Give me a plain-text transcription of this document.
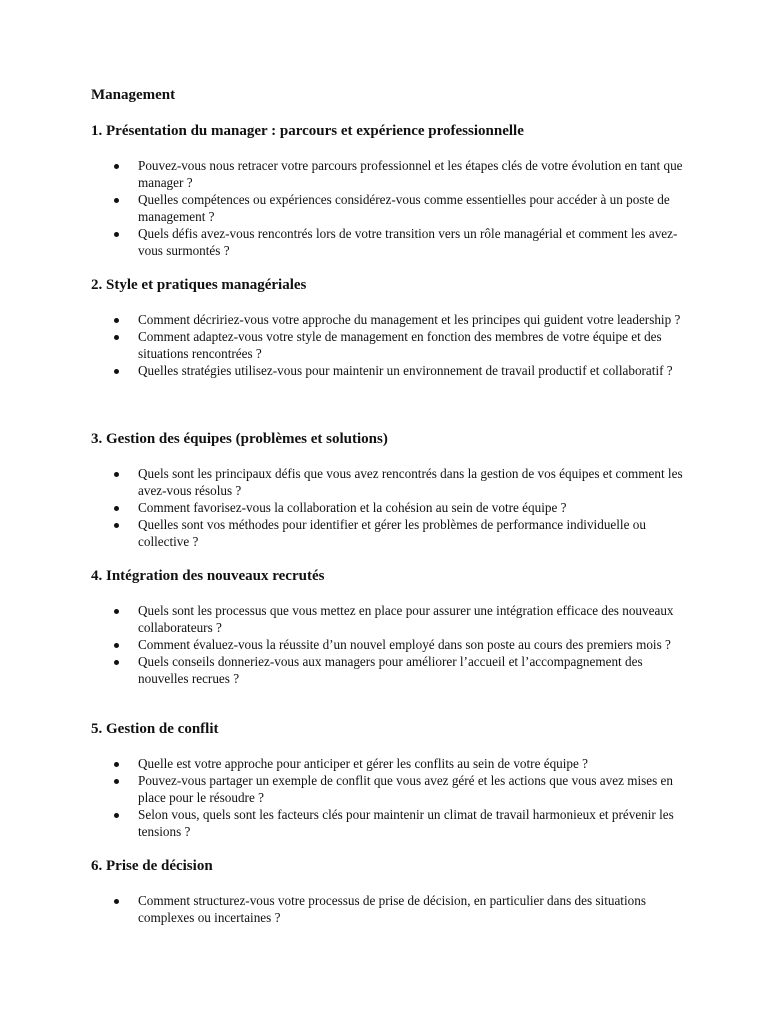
Management
1. Présentation du manager : parcours et expérience professionnelle
Pouvez-vous nous retracer votre parcours professionnel et les étapes clés de votre évolution en tant que manager ?
Quelles compétences ou expériences considérez-vous comme essentielles pour accéder à un poste de management ?
Quels défis avez-vous rencontrés lors de votre transition vers un rôle managérial et comment les avez-vous surmontés ?
2. Style et pratiques managériales
Comment décririez-vous votre approche du management et les principes qui guident votre leadership ?
Comment adaptez-vous votre style de management en fonction des membres de votre équipe et des situations rencontrées ?
Quelles stratégies utilisez-vous pour maintenir un environnement de travail productif et collaboratif ?
3. Gestion des équipes (problèmes et solutions)
Quels sont les principaux défis que vous avez rencontrés dans la gestion de vos équipes et comment les avez-vous résolus ?
Comment favorisez-vous la collaboration et la cohésion au sein de votre équipe ?
Quelles sont vos méthodes pour identifier et gérer les problèmes de performance individuelle ou collective ?
4. Intégration des nouveaux recrutés
Quels sont les processus que vous mettez en place pour assurer une intégration efficace des nouveaux collaborateurs ?
Comment évaluez-vous la réussite d’un nouvel employé dans son poste au cours des premiers mois ?
Quels conseils donneriez-vous aux managers pour améliorer l’accueil et l’accompagnement des nouvelles recrues ?
5. Gestion de conflit
Quelle est votre approche pour anticiper et gérer les conflits au sein de votre équipe ?
Pouvez-vous partager un exemple de conflit que vous avez géré et les actions que vous avez mises en place pour le résoudre ?
Selon vous, quels sont les facteurs clés pour maintenir un climat de travail harmonieux et prévenir les tensions ?
6. Prise de décision
Comment structurez-vous votre processus de prise de décision, en particulier dans des situations complexes ou incertaines ?
